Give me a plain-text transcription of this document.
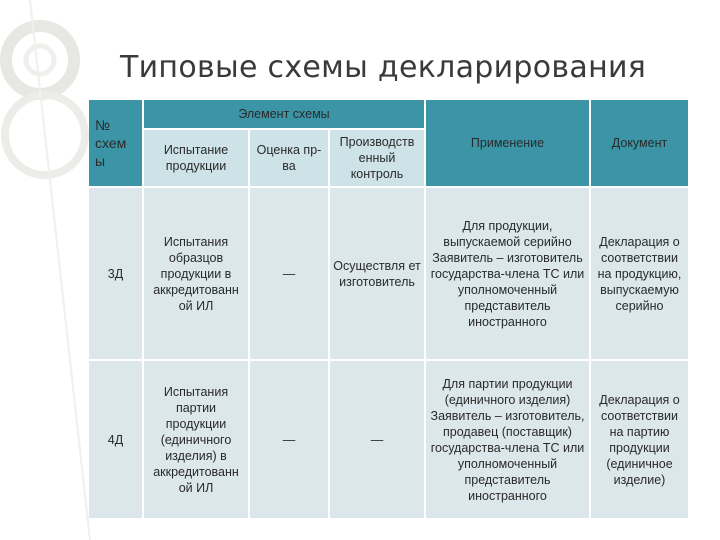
Типовые схемы декларирования
№ схем ы	Элемент схемы			Применение	Документ
	Испытание продукции	Оценка пр-ва	Производств енный контроль		
3Д	Испытания образцов продукции в аккредитованн ой ИЛ	—	Осуществля ет изготовитель	Для продукции, выпускаемой серийно Заявитель – изготовитель государства-члена ТС или уполномоченный представитель иностранного	Декларация о соответствии на продукцию, выпускаемую серийно
4Д	Испытания партии продукции (единичного изделия) в аккредитованн ой ИЛ	—	—	Для партии продукции (единичного изделия) Заявитель – изготовитель, продавец (поставщик) государства-члена ТС или уполномоченный представитель иностранного	Декларация о соответствии на партию продукции (единичное изделие)
